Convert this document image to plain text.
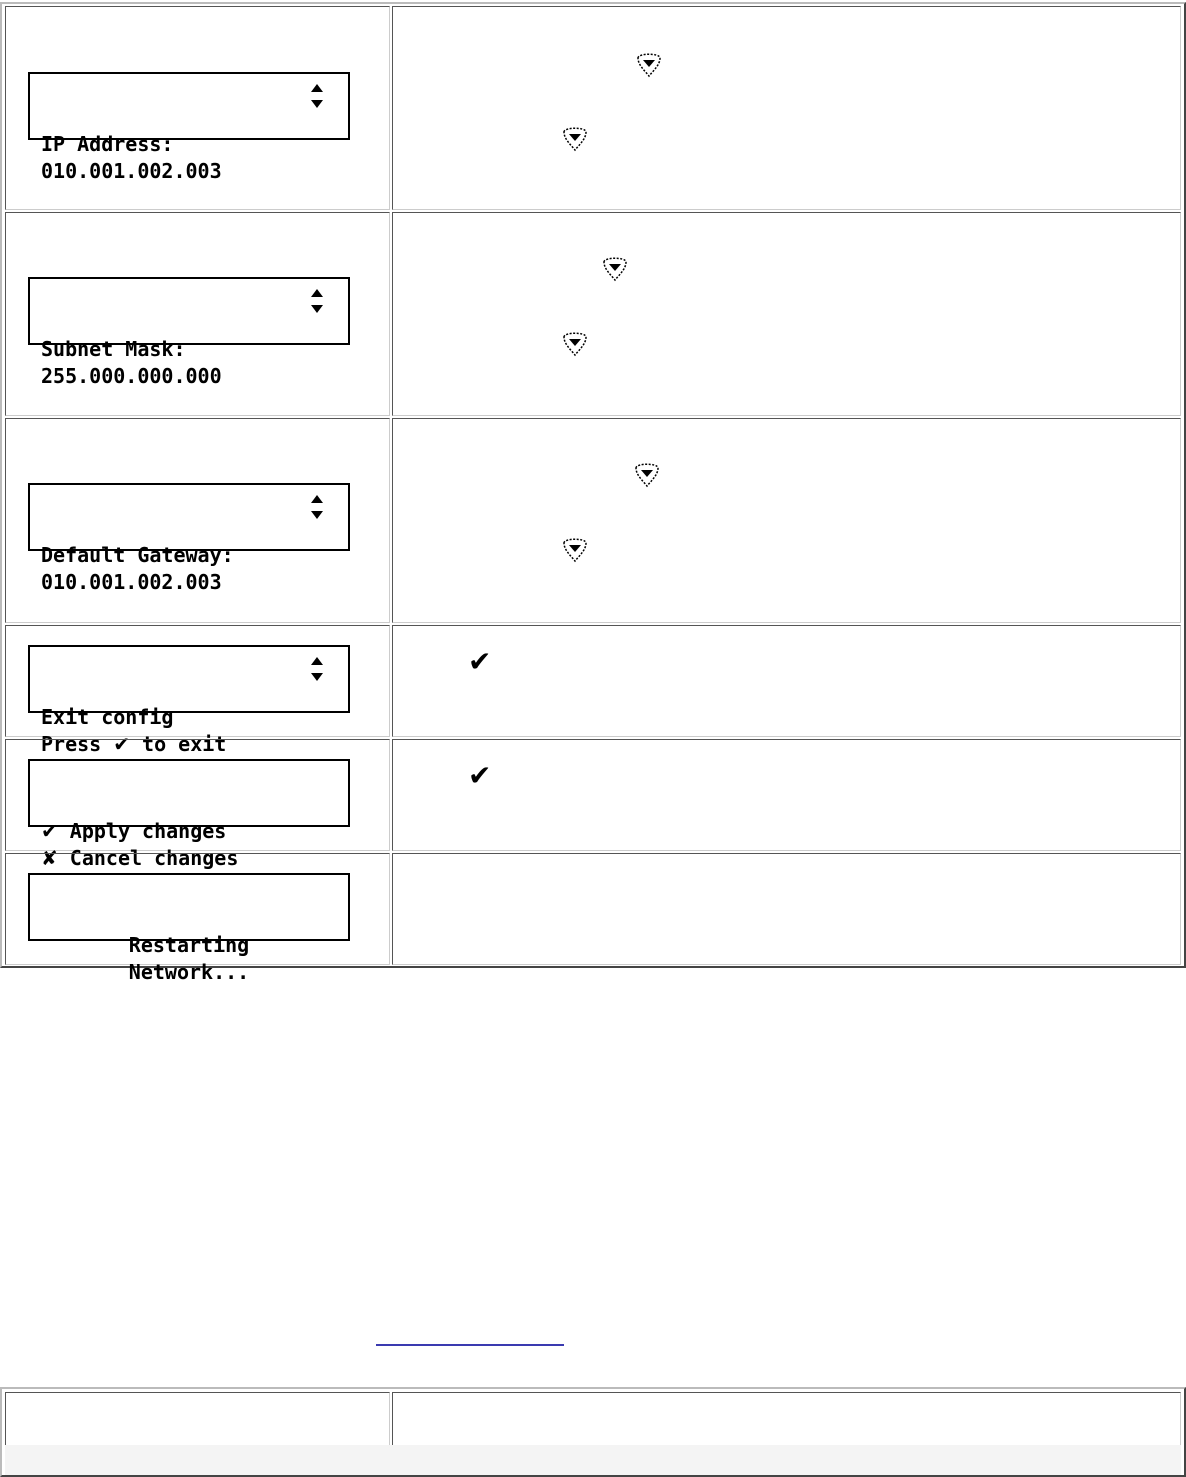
IP Address:
010.001.002.003

Subnet Mask:
255.000.000.000

Default Gateway:
010.001.002.003

Exit config
Press ✔ to exit

✔

✔ Apply changes
✘ Cancel changes

✔

Restarting
Network...
